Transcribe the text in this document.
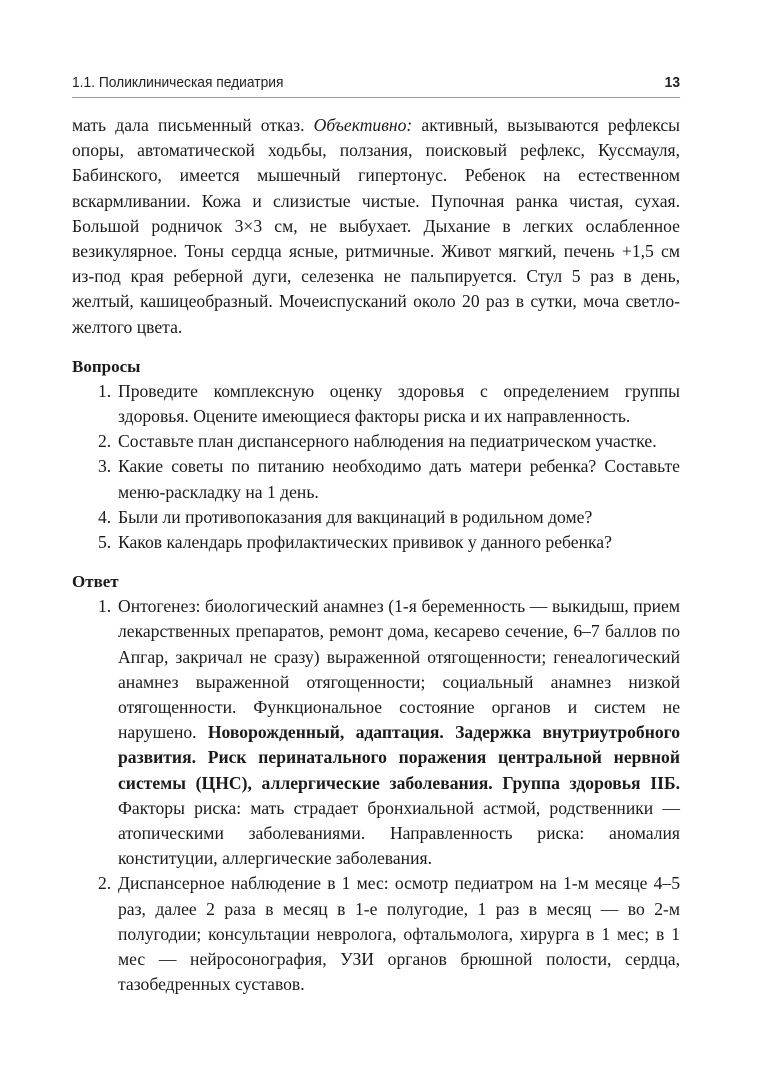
1.1. Поликлиническая педиатрия	13

мать дала письменный отказ. Объективно: активный, вызываются рефлексы опоры, автоматической ходьбы, ползания, поисковый рефлекс, Куссмауля, Бабинского, имеется мышечный гипертонус. Ребенок на естественном вскармливании. Кожа и слизистые чистые. Пупочная ранка чистая, сухая. Большой родничок 3×3 см, не выбухает. Дыхание в легких ослабленное везикулярное. Тоны сердца ясные, ритмичные. Живот мягкий, печень +1,5 см из-под края реберной дуги, селезенка не пальпируется. Стул 5 раз в день, желтый, кашицеобразный. Мочеиспусканий около 20 раз в сутки, моча светло-желтого цвета.

Вопросы
1. Проведите комплексную оценку здоровья с определением группы здоровья. Оцените имеющиеся факторы риска и их направленность.
2. Составьте план диспансерного наблюдения на педиатрическом участке.
3. Какие советы по питанию необходимо дать матери ребенка? Составьте меню-раскладку на 1 день.
4. Были ли противопоказания для вакцинаций в родильном доме?
5. Каков календарь профилактических прививок у данного ребенка?
Ответ
1. Онтогенез: биологический анамнез (1-я беременность — выкидыш, прием лекарственных препаратов, ремонт дома, кесарево сечение, 6–7 баллов по Апгар, закричал не сразу) выраженной отягощенности; генеалогический анамнез выраженной отягощенности; социальный анамнез низкой отягощенности. Функциональное состояние органов и систем не нарушено. Новорожденный, адаптация. Задержка внутриутробного развития. Риск перинатального поражения центральной нервной системы (ЦНС), аллергические заболевания. Группа здоровья IIБ. Факторы риска: мать страдает бронхиальной астмой, родственники — атопическими заболеваниями. Направленность риска: аномалия конституции, аллергические заболевания.
2. Диспансерное наблюдение в 1 мес: осмотр педиатром на 1-м месяце 4–5 раз, далее 2 раза в месяц в 1-е полугодие, 1 раз в месяц — во 2-м полугодии; консультации невролога, офтальмолога, хирурга в 1 мес; в 1 мес — нейросонография, УЗИ органов брюшной полости, сердца, тазобедренных суставов.
